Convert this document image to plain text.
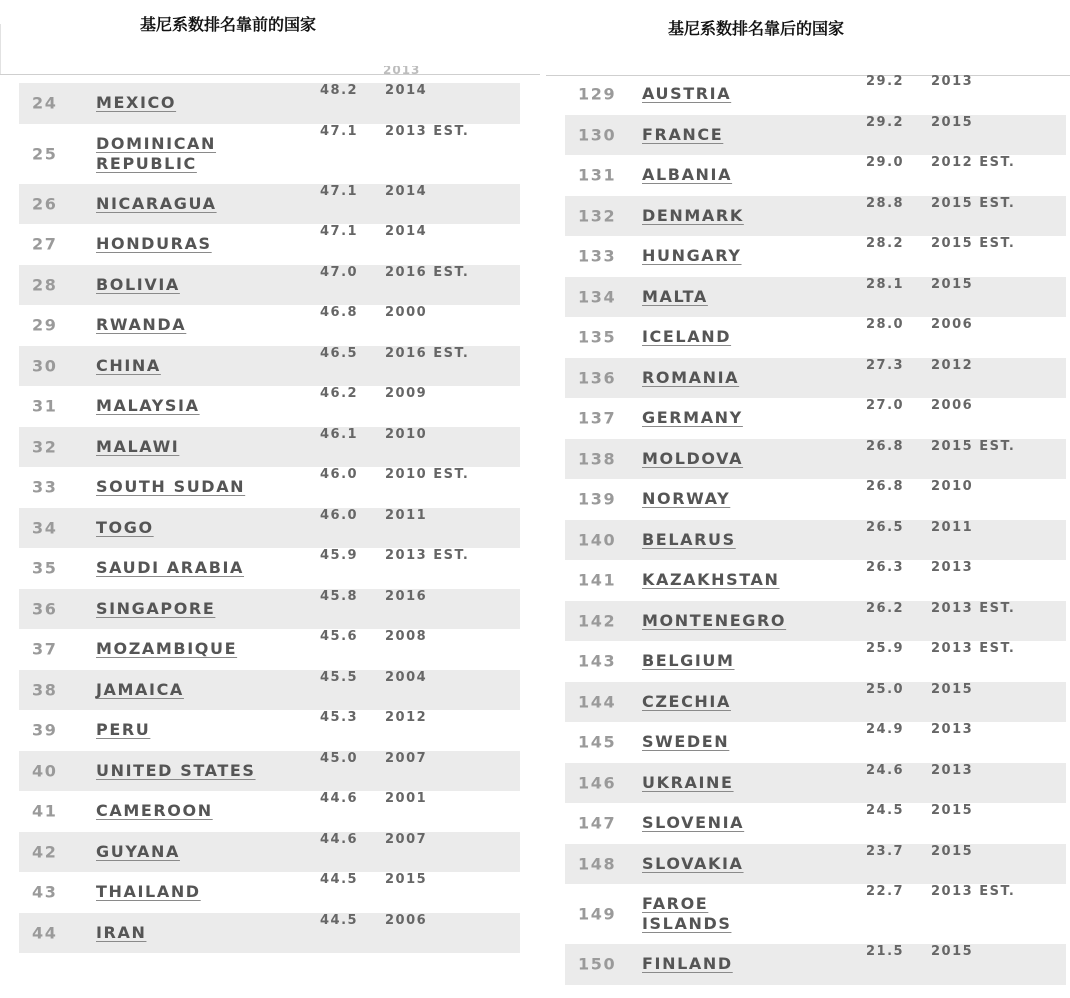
基尼系数排名靠前的国家	基尼系数排名靠后的国家
2013
24 MEXICO
48.2 2014
25
DOMINICAN
REPUBLIC
47.1 2013 EST.
26 NICARAGUA
47.1 2014
27 HONDURAS
47.1 2014
28 BOLIVIA
47.0 2016 EST.
29 RWANDA
46.8 2000
30 CHINA
46.5 2016 EST.
31 MALAYSIA
46.2 2009
32 MALAWI
46.1 2010
33 SOUTH SUDAN
46.0 2010 EST.
34 TOGO
46.0 2011
35 SAUDI ARABIA
45.9 2013 EST.
36 SINGAPORE
45.8 2016
37 MOZAMBIQUE
45.6 2008
38 JAMAICA
45.5 2004
39 PERU
45.3 2012
40 UNITED STATES
45.0 2007
41 CAMEROON
44.6 2001
42 GUYANA
44.6 2007
43 THAILAND
44.5 2015
44 IRAN
44.5 2006
129 AUSTRIA
29.2 2013
130 FRANCE
29.2 2015
131 ALBANIA
29.0 2012 EST.
132 DENMARK
28.8 2015 EST.
133 HUNGARY
28.2 2015 EST.
134 MALTA
28.1 2015
135 ICELAND
28.0 2006
136 ROMANIA
27.3 2012
137 GERMANY
27.0 2006
138 MOLDOVA
26.8 2015 EST.
139 NORWAY
26.8 2010
140 BELARUS
26.5 2011
141 KAZAKHSTAN
26.3 2013
142 MONTENEGRO
26.2 2013 EST.
143 BELGIUM
25.9 2013 EST.
144 CZECHIA
25.0 2015
145 SWEDEN
24.9 2013
146 UKRAINE
24.6 2013
147 SLOVENIA
24.5 2015
148 SLOVAKIA
23.7 2015
149
FAROE
ISLANDS
22.7 2013 EST.
150 FINLAND
21.5 2015
